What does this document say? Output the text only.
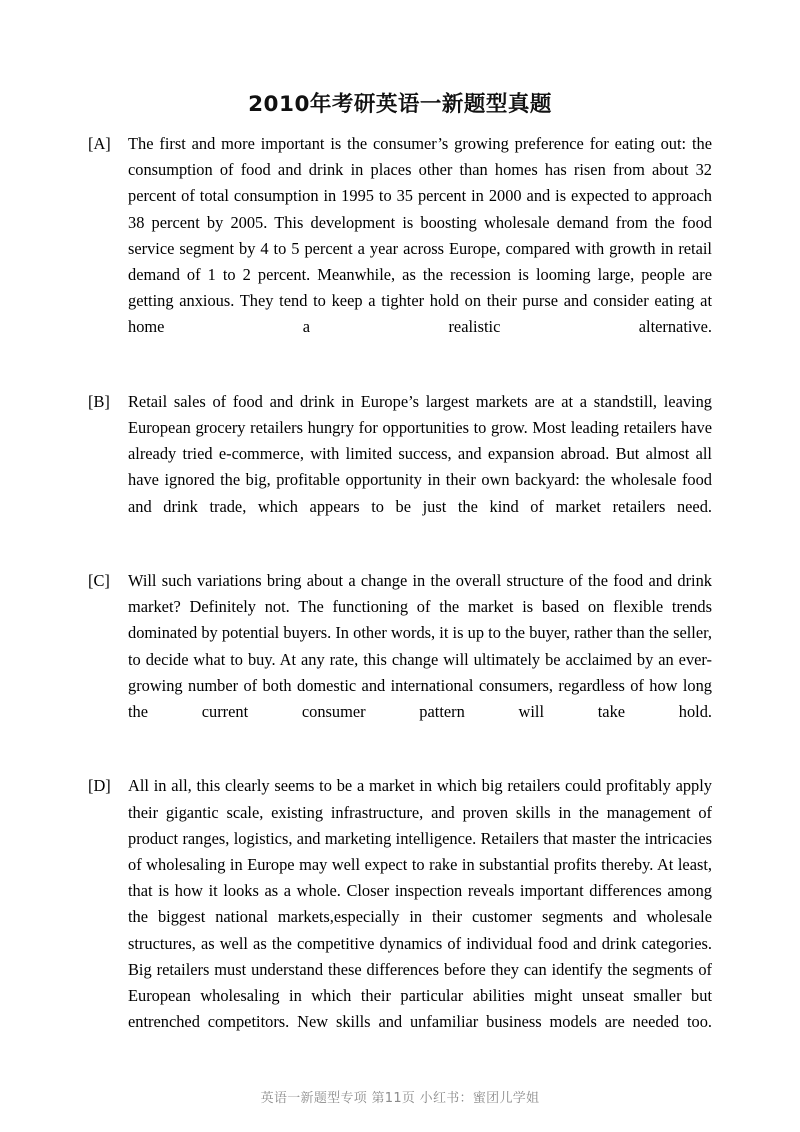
2010年考研英语一新题型真题

[A]	The first and more important is the consumer’s growing preference for eating out: the consumption of food and drink in places other than homes has risen from about 32 percent of total consumption in 1995 to 35 percent in 2000 and is expected to approach 38 percent by 2005. This development is boosting wholesale demand from the food service segment by 4 to 5 percent a year across Europe, compared with growth in retail demand of 1 to 2 percent. Meanwhile, as the recession is looming large, people are getting anxious. They tend to keep a tighter hold on their purse and consider eating at home a realistic alternative.

[B]	Retail sales of food and drink in Europe’s largest markets are at a standstill, leaving European grocery retailers hungry for opportunities to grow. Most leading retailers have already tried e-commerce, with limited success, and expansion abroad. But almost all have ignored the big, profitable opportunity in their own backyard: the wholesale food and drink trade, which appears to be just the kind of market retailers need.

[C]	Will such variations bring about a change in the overall structure of the food and drink market? Definitely not. The functioning of the market is based on flexible trends dominated by potential buyers. In other words, it is up to the buyer, rather than the seller, to decide what to buy. At any rate, this change will ultimately be acclaimed by an ever-growing number of both domestic and international consumers, regardless of how long the current consumer pattern will take hold.

[D]	All in all, this clearly seems to be a market in which big retailers could profitably apply their gigantic scale, existing infrastructure, and proven skills in the management of product ranges, logistics, and marketing intelligence. Retailers that master the intricacies of wholesaling in Europe may well expect to rake in substantial profits thereby. At least, that is how it looks as a whole. Closer inspection reveals important differences among the biggest national markets,especially in their customer segments and wholesale structures, as well as the competitive dynamics of individual food and drink categories. Big retailers must understand these differences before they can identify the segments of European wholesaling in which their particular abilities might unseat smaller but entrenched competitors. New skills and unfamiliar business models are needed too.

英语一新题型专项 第11页 小红书：蜜团儿学姐
